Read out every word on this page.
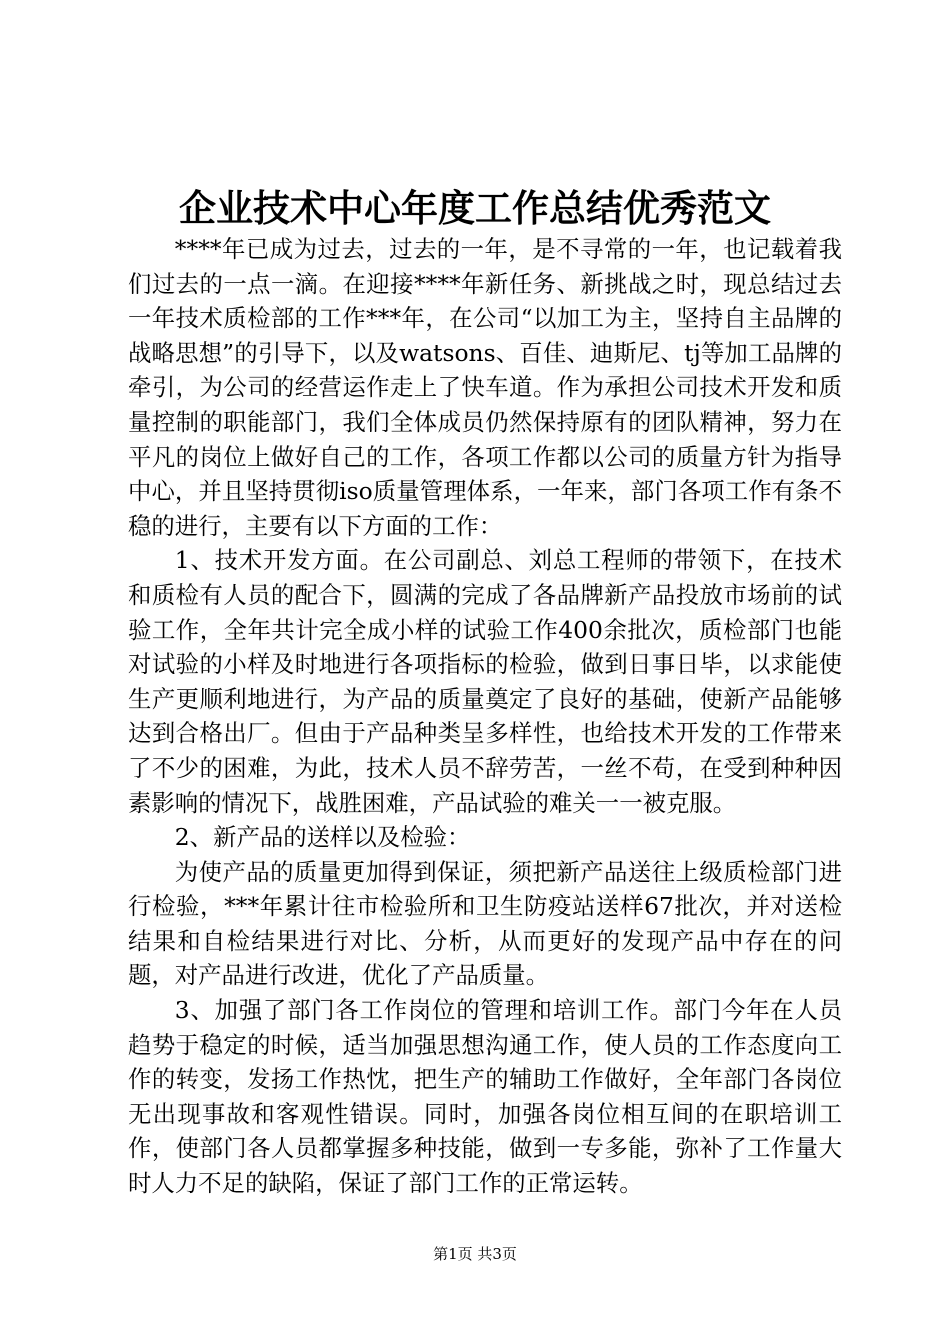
企业技术中心年度工作总结优秀范文

****年已成为过去，过去的一年，是不寻常的一年，也记载着我们过去的一点一滴。在迎接****年新任务、新挑战之时，现总结过去一年技术质检部的工作***年，在公司“以加工为主，坚持自主品牌的战略思想”的引导下，以及watsons、百佳、迪斯尼、tj等加工品牌的牵引，为公司的经营运作走上了快车道。作为承担公司技术开发和质量控制的职能部门，我们全体成员仍然保持原有的团队精神，努力在平凡的岗位上做好自己的工作，各项工作都以公司的质量方针为指导中心，并且坚持贯彻iso质量管理体系，一年来，部门各项工作有条不稳的进行，主要有以下方面的工作：

1、技术开发方面。在公司副总、刘总工程师的带领下，在技术和质检有人员的配合下，圆满的完成了各品牌新产品投放市场前的试验工作，全年共计完全成小样的试验工作400余批次，质检部门也能对试验的小样及时地进行各项指标的检验，做到日事日毕，以求能使生产更顺利地进行，为产品的质量奠定了良好的基础，使新产品能够达到合格出厂。但由于产品种类呈多样性，也给技术开发的工作带来了不少的困难，为此，技术人员不辞劳苦，一丝不苟，在受到种种因素影响的情况下，战胜困难，产品试验的难关一一被克服。

2、新产品的送样以及检验：

为使产品的质量更加得到保证，须把新产品送往上级质检部门进行检验，***年累计往市检验所和卫生防疫站送样67批次，并对送检结果和自检结果进行对比、分析，从而更好的发现产品中存在的问题，对产品进行改进，优化了产品质量。

3、加强了部门各工作岗位的管理和培训工作。部门今年在人员趋势于稳定的时候，适当加强思想沟通工作，使人员的工作态度向工作的转变，发扬工作热忱，把生产的辅助工作做好，全年部门各岗位无出现事故和客观性错误。同时，加强各岗位相互间的在职培训工作，使部门各人员都掌握多种技能，做到一专多能，弥补了工作量大时人力不足的缺陷，保证了部门工作的正常运转。

第1页 共3页
